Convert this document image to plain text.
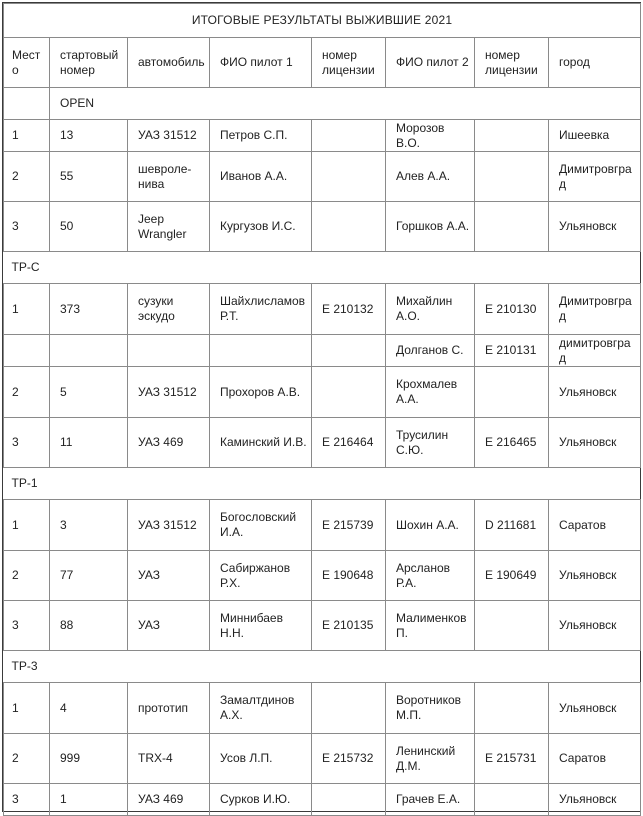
ИТОГОВЫЕ РЕЗУЛЬТАТЫ ВЫЖИВШИЕ 2021							
Место	стартовый номер	автомобиль	ФИО пилот 1	номер лицензии	ФИО пилот 2	номер лицензии	город
	OPEN						
1	13	УАЗ 31512	Петров С.П.		Морозов В.О.		Ишеевка
2	55	шевроле-нива	Иванов А.А.		Алев А.А.		Димитровград
3	50	Jeep Wrangler	Кургузов И.С.		Горшков А.А.		Ульяновск
ТР-С							
1	373	сузуки эскудо	Шайхлисламов Р.Т.	E 210132	Михайлин А.О.	E 210130	Димитровград
					Долганов С.	E 210131	димитровград
2	5	УАЗ 31512	Прохоров А.В.		Крохмалев А.А.		Ульяновск
3	11	УАЗ 469	Каминский И.В.	E 216464	Трусилин С.Ю.	E 216465	Ульяновск
ТР-1							
1	3	УАЗ 31512	Богословский И.А.	E 215739	Шохин А.А.	D 211681	Саратов
2	77	УАЗ	Сабиржанов Р.Х.	E 190648	Арсланов Р.А.	E 190649	Ульяновск
3	88	УАЗ	Миннибаев Н.Н.	E 210135	Малименков П.		Ульяновск
ТР-3							
1	4	прототип	Замалтдинов А.Х.		Воротников М.П.		Ульяновск
2	999	TRX-4	Усов Л.П.	E 215732	Ленинский Д.М.	E 215731	Саратов
3	1	УАЗ 469	Сурков И.Ю.		Грачев Е.А.		Ульяновск
